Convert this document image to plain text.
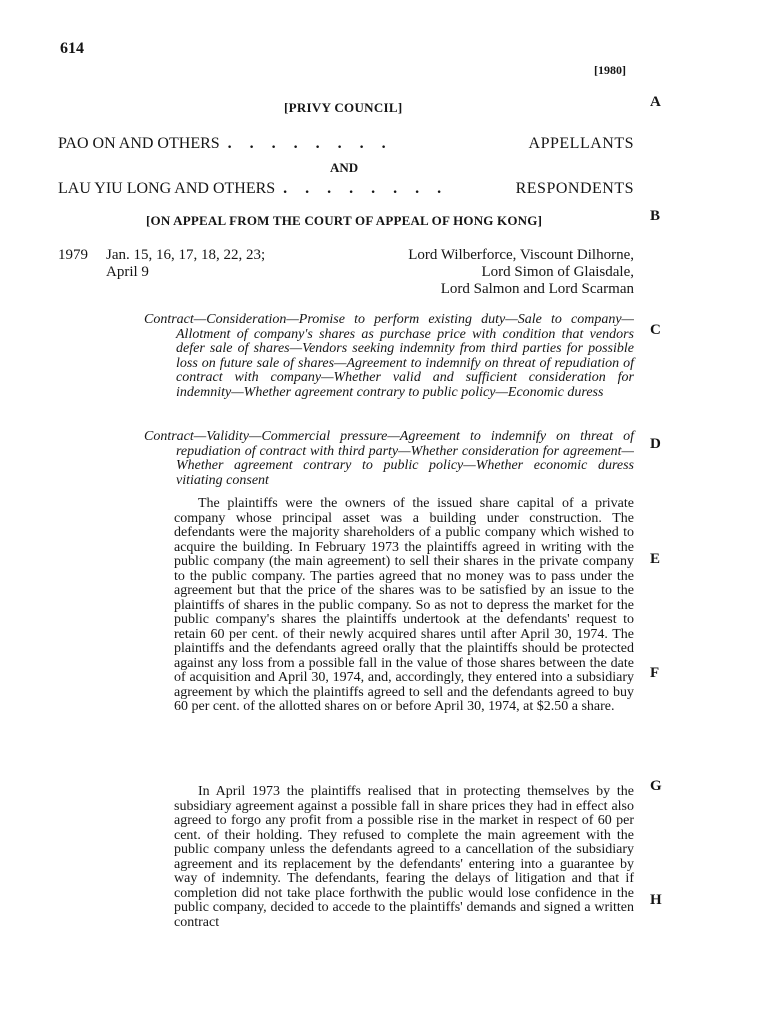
614
[1980]
[PRIVY COUNCIL]	A
B
C
D
E
F
G
H
PAO ON AND OTHERS ........	APPELLANTS
AND
LAU YIU LONG AND OTHERS ........	RESPONDENTS
[ON APPEAL FROM THE COURT OF APPEAL OF HONG KONG]
1979 Jan. 15, 16, 17, 18, 22, 23;
April 9
Lord Wilberforce, Viscount Dilhorne,
Lord Simon of Glaisdale,
Lord Salmon and Lord Scarman
Contract—Consideration—Promise to perform existing duty—Sale to company—Allotment of company's shares as purchase price with condition that vendors defer sale of shares—Vendors seeking indemnity from third parties for possible loss on future sale of shares—Agreement to indemnify on threat of repudiation of contract with company—Whether valid and sufficient consideration for indemnity—Whether agreement contrary to public policy—Economic duress
Contract—Validity—Commercial pressure—Agreement to indemnify on threat of repudiation of contract with third party—Whether consideration for agreement—Whether agreement contrary to public policy—Whether economic duress vitiating consent

The plaintiffs were the owners of the issued share capital of a private company whose principal asset was a building under construction. The defendants were the majority shareholders of a public company which wished to acquire the building. In February 1973 the plaintiffs agreed in writing with the public company (the main agreement) to sell their shares in the private company to the public company. The parties agreed that no money was to pass under the agreement but that the price of the shares was to be satisfied by an issue to the plaintiffs of shares in the public company. So as not to depress the market for the public company's shares the plaintiffs undertook at the defendants' request to retain 60 per cent. of their newly acquired shares until after April 30, 1974. The plaintiffs and the defendants agreed orally that the plaintiffs should be protected against any loss from a possible fall in the value of those shares between the date of acquisition and April 30, 1974, and, accordingly, they entered into a subsidiary agreement by which the plaintiffs agreed to sell and the defendants agreed to buy 60 per cent. of the allotted shares on or before April 30, 1974, at $2.50 a share.

In April 1973 the plaintiffs realised that in protecting themselves by the subsidiary agreement against a possible fall in share prices they had in effect also agreed to forgo any profit from a possible rise in the market in respect of 60 per cent. of their holding. They refused to complete the main agreement with the public company unless the defendants agreed to a cancellation of the subsidiary agreement and its replacement by the defendants' entering into a guarantee by way of indemnity. The defendants, fearing the delays of litigation and that if completion did not take place forthwith the public would lose confidence in the public company, decided to accede to the plaintiffs' demands and signed a written contract
